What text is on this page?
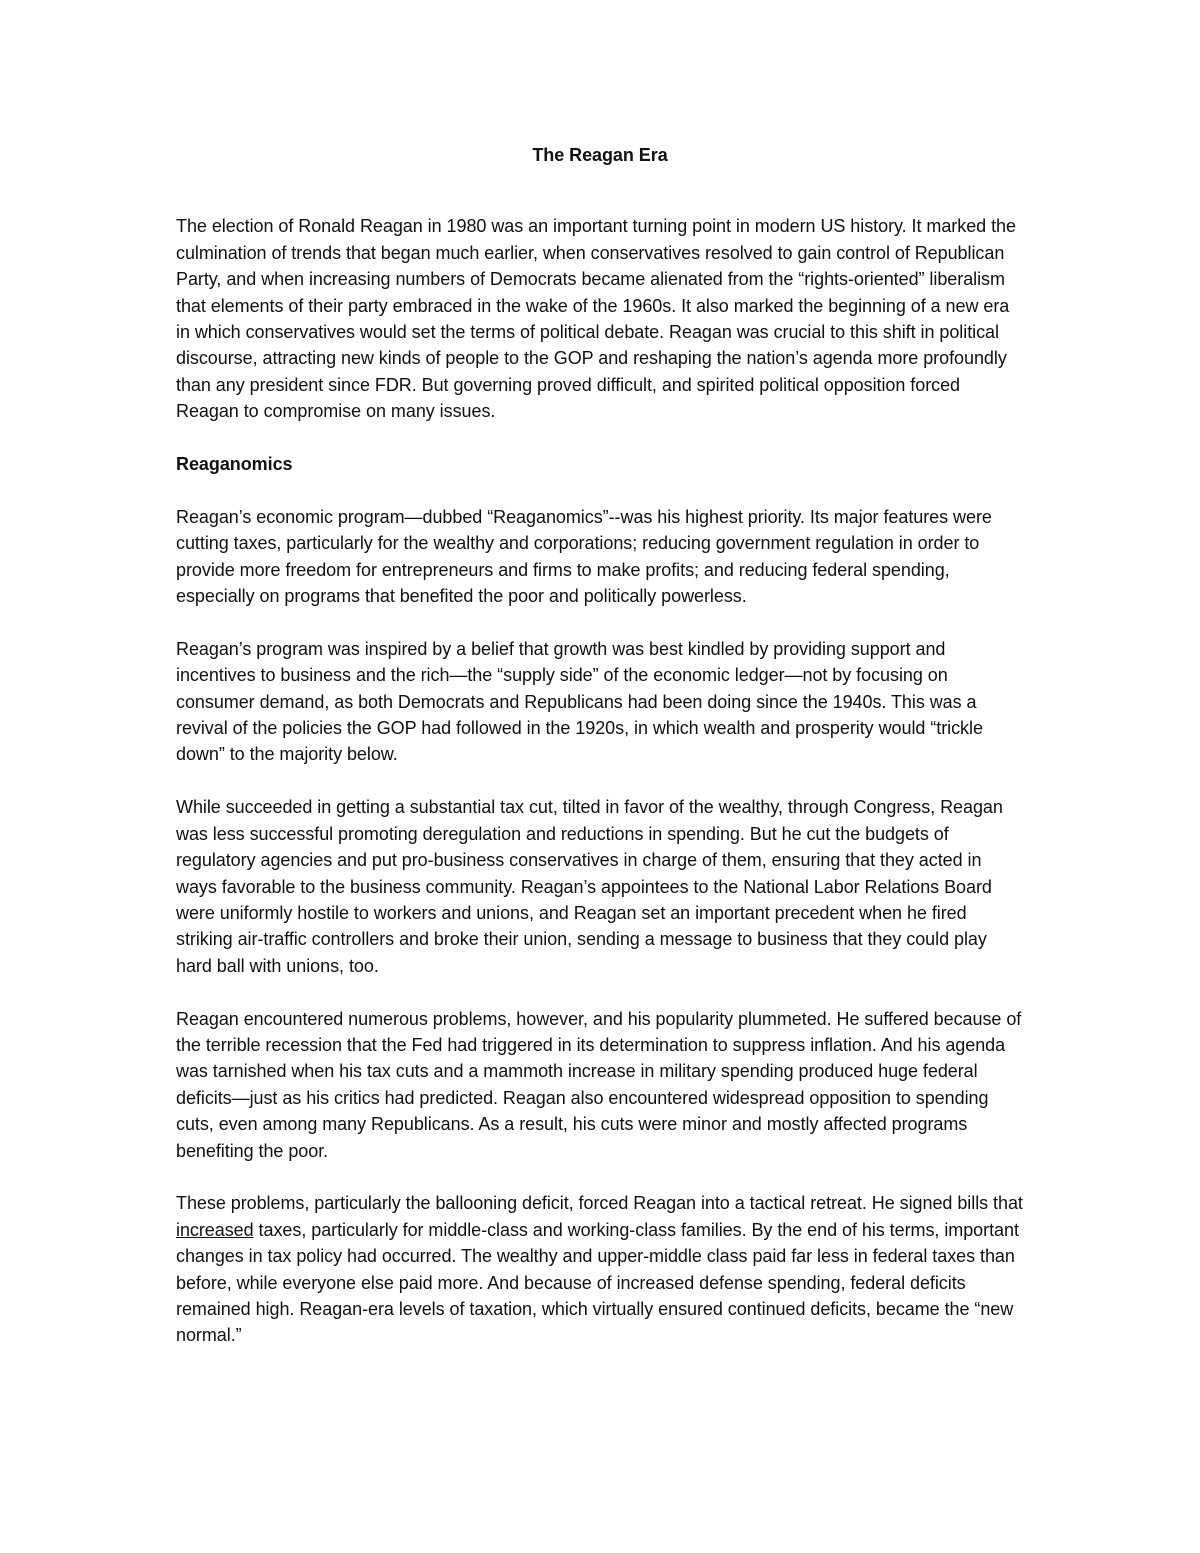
The Reagan Era

The election of Ronald Reagan in 1980 was an important turning point in modern US history. It marked the culmination of trends that began much earlier, when conservatives resolved to gain control of Republican Party, and when increasing numbers of Democrats became alienated from the “rights-oriented” liberalism that elements of their party embraced in the wake of the 1960s. It also marked the beginning of a new era in which conservatives would set the terms of political debate. Reagan was crucial to this shift in political discourse, attracting new kinds of people to the GOP and reshaping the nation’s agenda more profoundly than any president since FDR. But governing proved difficult, and spirited political opposition forced Reagan to compromise on many issues.

Reaganomics

Reagan’s economic program—dubbed “Reaganomics”--was his highest priority. Its major features were cutting taxes, particularly for the wealthy and corporations; reducing government regulation in order to provide more freedom for entrepreneurs and firms to make profits; and reducing federal spending, especially on programs that benefited the poor and politically powerless.

Reagan’s program was inspired by a belief that growth was best kindled by providing support and incentives to business and the rich—the “supply side” of the economic ledger—not by focusing on consumer demand, as both Democrats and Republicans had been doing since the 1940s. This was a revival of the policies the GOP had followed in the 1920s, in which wealth and prosperity would “trickle down” to the majority below.

While succeeded in getting a substantial tax cut, tilted in favor of the wealthy, through Congress, Reagan was less successful promoting deregulation and reductions in spending. But he cut the budgets of regulatory agencies and put pro-business conservatives in charge of them, ensuring that they acted in ways favorable to the business community. Reagan’s appointees to the National Labor Relations Board were uniformly hostile to workers and unions, and Reagan set an important precedent when he fired striking air-traffic controllers and broke their union, sending a message to business that they could play hard ball with unions, too.

Reagan encountered numerous problems, however, and his popularity plummeted. He suffered because of the terrible recession that the Fed had triggered in its determination to suppress inflation. And his agenda was tarnished when his tax cuts and a mammoth increase in military spending produced huge federal deficits—just as his critics had predicted. Reagan also encountered widespread opposition to spending cuts, even among many Republicans. As a result, his cuts were minor and mostly affected programs benefiting the poor.

These problems, particularly the ballooning deficit, forced Reagan into a tactical retreat. He signed bills that increased taxes, particularly for middle-class and working-class families. By the end of his terms, important changes in tax policy had occurred. The wealthy and upper-middle class paid far less in federal taxes than before, while everyone else paid more. And because of increased defense spending, federal deficits remained high. Reagan-era levels of taxation, which virtually ensured continued deficits, became the “new normal.”
